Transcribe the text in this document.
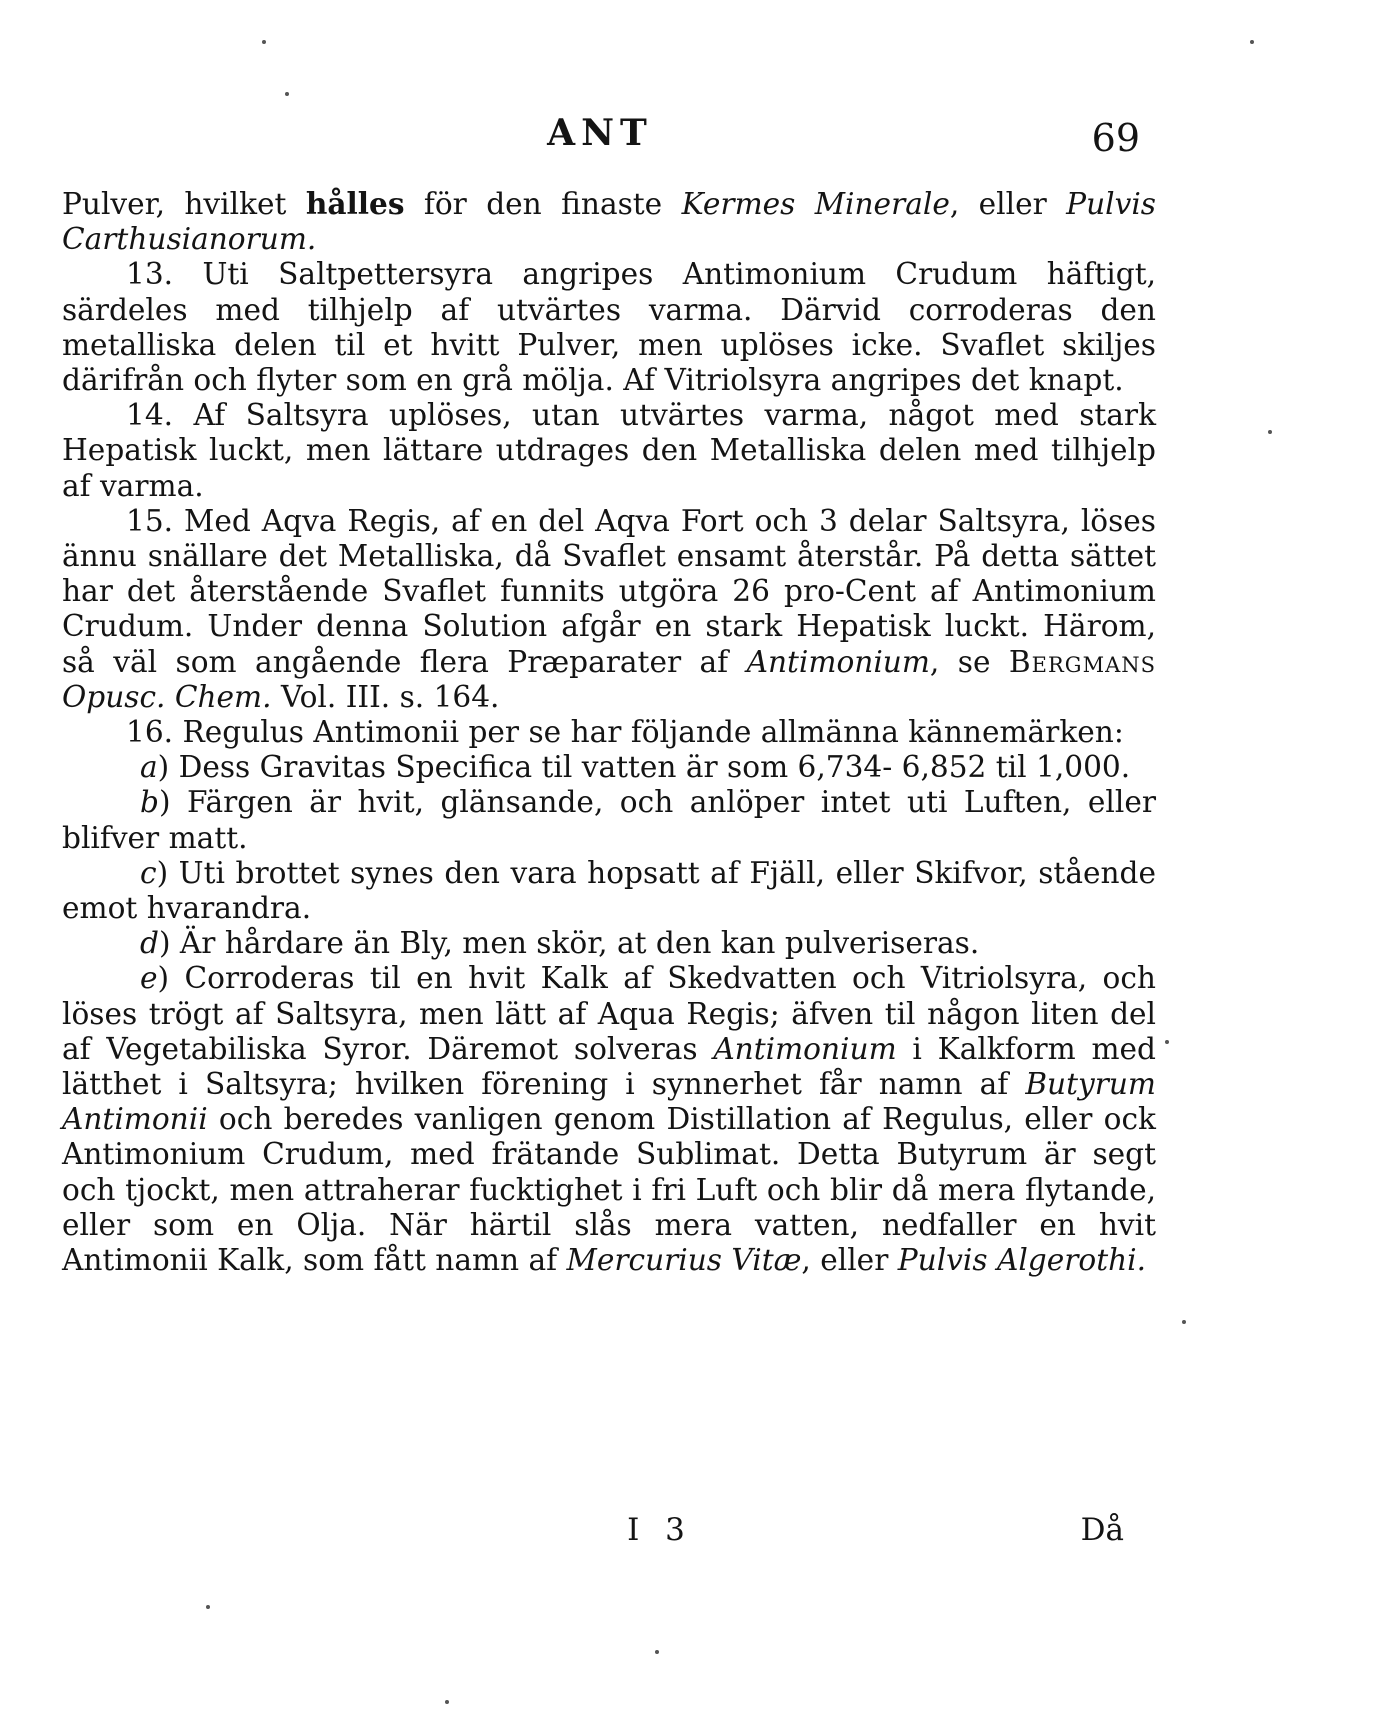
ANT	69

Pulver, hvilket hålles för den finaste Kermes Minerale, eller Pulvis Carthusianorum.

13. Uti Saltpettersyra angripes Antimonium Crudum häftigt, särdeles med tilhjelp af utvärtes varma. Därvid corroderas den metalliska delen til et hvitt Pulver, men uplöses icke. Svaflet skiljes därifrån och flyter som en grå mölja. Af Vitriolsyra angripes det knapt.

14. Af Saltsyra uplöses, utan utvärtes varma, något med stark Hepatisk luckt, men lättare utdrages den Metalliska delen med tilhjelp af varma.

15. Med Aqva Regis, af en del Aqva Fort och 3 delar Saltsyra, löses ännu snällare det Metalliska, då Svaflet ensamt återstår. På detta sättet har det återstående Svaflet funnits utgöra 26 pro-Cent af Antimonium Crudum. Under denna Solution afgår en stark Hepatisk luckt. Härom, så väl som angående flera Præparater af Antimonium, se Bergmans Opusc. Chem. Vol. III. s. 164.

16. Regulus Antimonii per se har följande allmänna kännemärken:

a) Dess Gravitas Specifica til vatten är som 6,734- 6,852 til 1,000.

b) Färgen är hvit, glänsande, och anlöper intet uti Luften, eller blifver matt.

c) Uti brottet synes den vara hopsatt af Fjäll, eller Skifvor, stående emot hvarandra.

d) Är hårdare än Bly, men skör, at den kan pulveriseras.

e) Corroderas til en hvit Kalk af Skedvatten och Vitriolsyra, och löses trögt af Saltsyra, men lätt af Aqua Regis; äfven til någon liten del af Vegetabiliska Syror. Däremot solveras Antimonium i Kalkform med lätthet i Saltsyra; hvilken förening i synnerhet får namn af Butyrum Antimonii och beredes vanligen genom Distillation af Regulus, eller ock Antimonium Crudum, med frätande Sublimat. Detta Butyrum är segt och tjockt, men attraherar fucktighet i fri Luft och blir då mera flytande, eller som en Olja. När härtil slås mera vatten, nedfaller en hvit Antimonii Kalk, som fått namn af Mercurius Vitæ, eller Pulvis Algerothi.

I 3	Då
